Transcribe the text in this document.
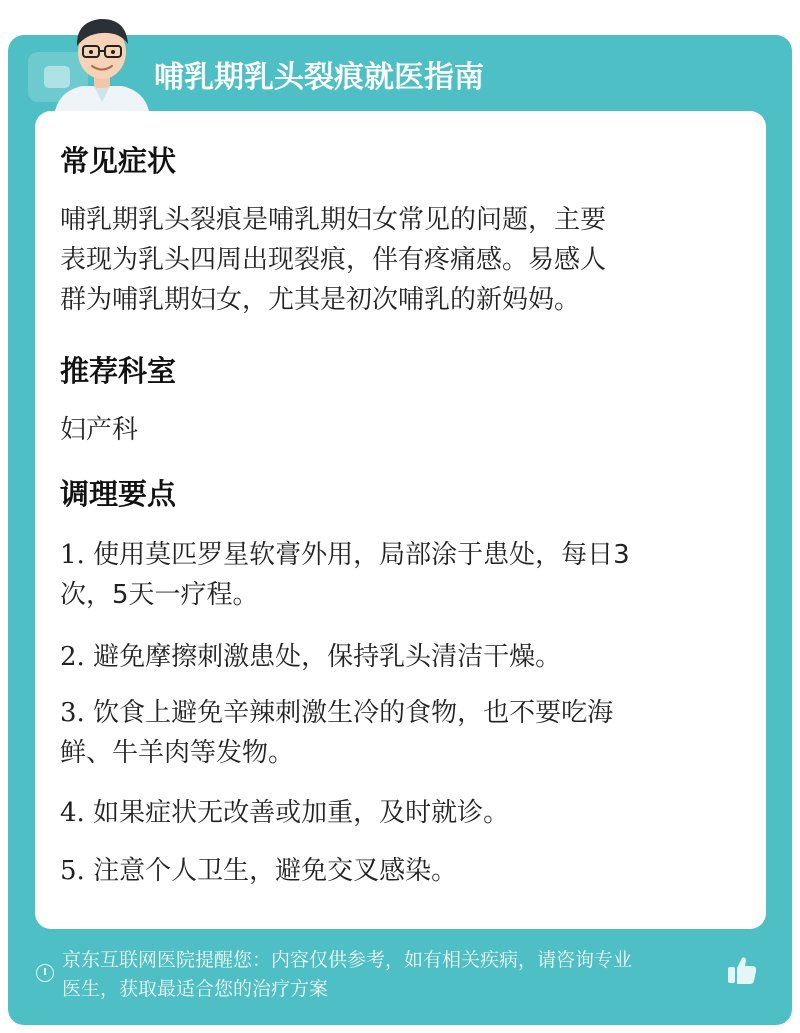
哺乳期乳头裂痕就医指南
常见症状
哺乳期乳头裂痕是哺乳期妇女常见的问题，主要
表现为乳头四周出现裂痕，伴有疼痛感。易感人
群为哺乳期妇女，尤其是初次哺乳的新妈妈。
推荐科室
妇产科
调理要点
1. 使用莫匹罗星软膏外用，局部涂于患处，每日3
次，5天一疗程。
2. 避免摩擦刺激患处，保持乳头清洁干燥。
3. 饮食上避免辛辣刺激生冷的食物，也不要吃海
鲜、牛羊肉等发物。
4. 如果症状无改善或加重，及时就诊。
5. 注意个人卫生，避免交叉感染。
京东互联网医院提醒您：内容仅供参考，如有相关疾病，请咨询专业
医生，获取最适合您的治疗方案
